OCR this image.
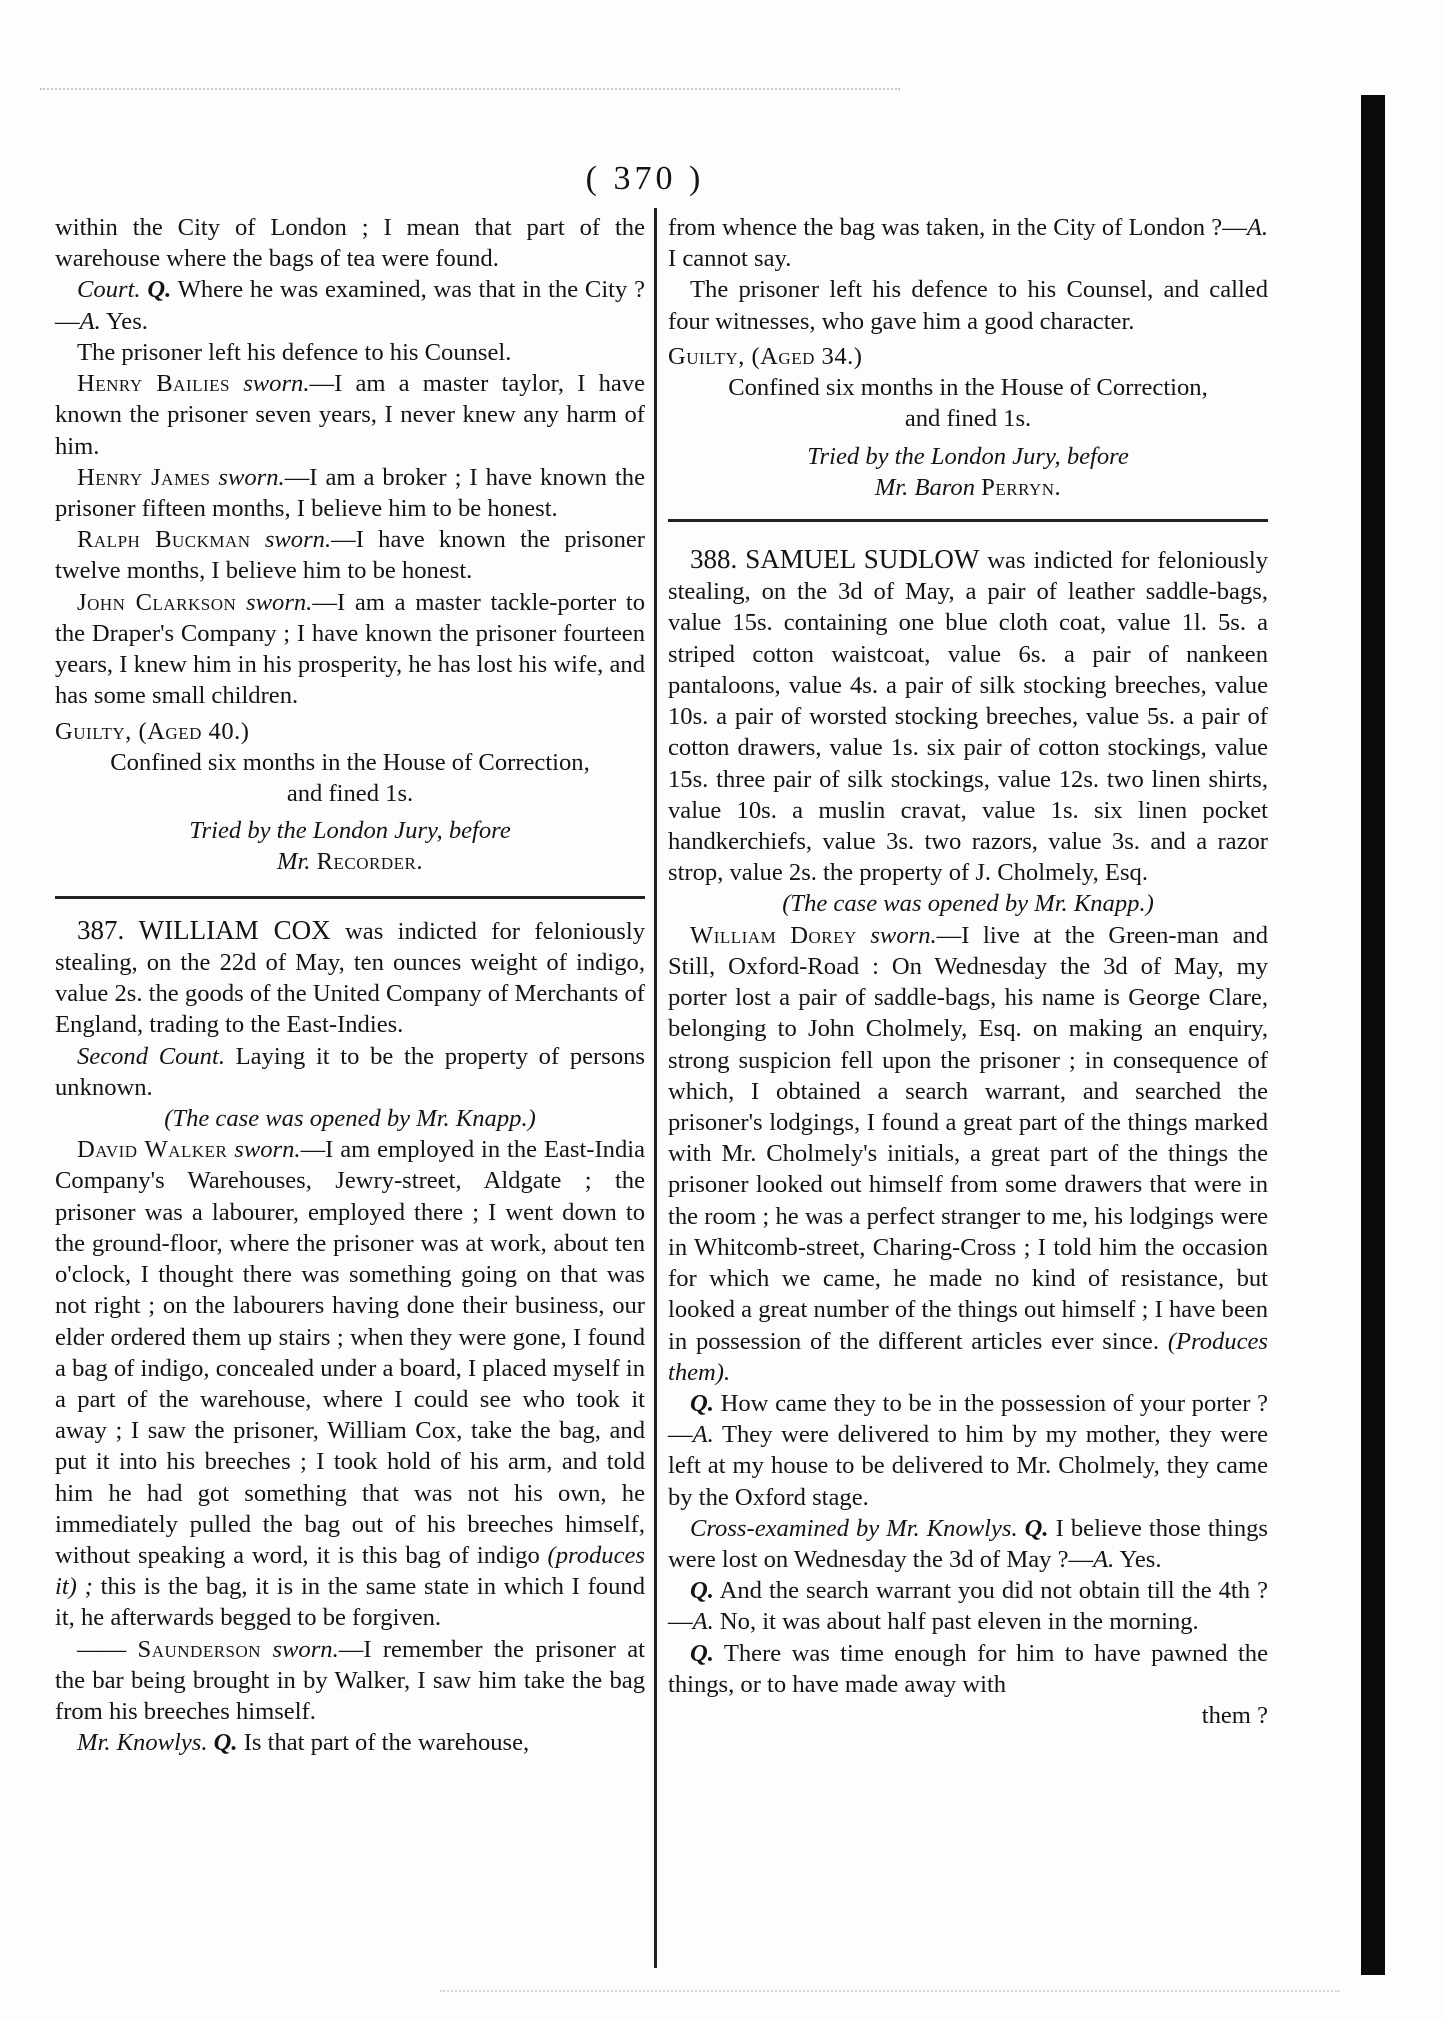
( 370 )

within the City of London ; I mean that part of the warehouse where the bags of tea were found.

Court. Q. Where he was examined, was that in the City ?—A. Yes.

The prisoner left his defence to his Counsel.

Henry Bailies sworn.—I am a master taylor, I have known the prisoner seven years, I never knew any harm of him.

Henry James sworn.—I am a broker ; I have known the prisoner fifteen months, I believe him to be honest.

Ralph Buckman sworn.—I have known the prisoner twelve months, I believe him to be honest.

John Clarkson sworn.—I am a master tackle-porter to the Draper's Company ; I have known the prisoner fourteen years, I knew him in his prosperity, he has lost his wife, and has some small children.

Guilty, (Aged 40.)

Confined six months in the House of Correction,

and fined 1s.

Tried by the London Jury, before

Mr. Recorder.

387. WILLIAM COX was indicted for feloniously stealing, on the 22d of May, ten ounces weight of indigo, value 2s. the goods of the United Company of Merchants of England, trading to the East-Indies.

Second Count. Laying it to be the property of persons unknown.

(The case was opened by Mr. Knapp.)

David Walker sworn.—I am employed in the East-India Company's Warehouses, Jewry-street, Aldgate ; the prisoner was a labourer, employed there ; I went down to the ground-floor, where the prisoner was at work, about ten o'clock, I thought there was something going on that was not right ; on the labourers having done their business, our elder ordered them up stairs ; when they were gone, I found a bag of indigo, concealed under a board, I placed myself in a part of the warehouse, where I could see who took it away ; I saw the prisoner, William Cox, take the bag, and put it into his breeches ; I took hold of his arm, and told him he had got something that was not his own, he immediately pulled the bag out of his breeches himself, without speaking a word, it is this bag of indigo (produces it) ; this is the bag, it is in the same state in which I found it, he afterwards begged to be forgiven.

—— Saunderson sworn.—I remember the prisoner at the bar being brought in by Walker, I saw him take the bag from his breeches himself.

Mr. Knowlys. Q. Is that part of the warehouse,

from whence the bag was taken, in the City of London ?—A. I cannot say.

The prisoner left his defence to his Counsel, and called four witnesses, who gave him a good character.

Guilty, (Aged 34.)

Confined six months in the House of Correction,

and fined 1s.

Tried by the London Jury, before

Mr. Baron Perryn.

388. SAMUEL SUDLOW was indicted for feloniously stealing, on the 3d of May, a pair of leather saddle-bags, value 15s. containing one blue cloth coat, value 1l. 5s. a striped cotton waistcoat, value 6s. a pair of nankeen pantaloons, value 4s. a pair of silk stocking breeches, value 10s. a pair of worsted stocking breeches, value 5s. a pair of cotton drawers, value 1s. six pair of cotton stockings, value 15s. three pair of silk stockings, value 12s. two linen shirts, value 10s. a muslin cravat, value 1s. six linen pocket handkerchiefs, value 3s. two razors, value 3s. and a razor strop, value 2s. the property of J. Cholmely, Esq.

(The case was opened by Mr. Knapp.)

William Dorey sworn.—I live at the Green-man and Still, Oxford-Road : On Wednesday the 3d of May, my porter lost a pair of saddle-bags, his name is George Clare, belonging to John Cholmely, Esq. on making an enquiry, strong suspicion fell upon the prisoner ; in consequence of which, I obtained a search warrant, and searched the prisoner's lodgings, I found a great part of the things marked with Mr. Cholmely's initials, a great part of the things the prisoner looked out himself from some drawers that were in the room ; he was a perfect stranger to me, his lodgings were in Whitcomb-street, Charing-Cross ; I told him the occasion for which we came, he made no kind of resistance, but looked a great number of the things out himself ; I have been in possession of the different articles ever since. (Produces them).

Q. How came they to be in the possession of your porter ?—A. They were delivered to him by my mother, they were left at my house to be delivered to Mr. Cholmely, they came by the Oxford stage.

Cross-examined by Mr. Knowlys. Q. I believe those things were lost on Wednesday the 3d of May ?—A. Yes.

Q. And the search warrant you did not obtain till the 4th ?—A. No, it was about half past eleven in the morning.

Q. There was time enough for him to have pawned the things, or to have made away with

them ?
